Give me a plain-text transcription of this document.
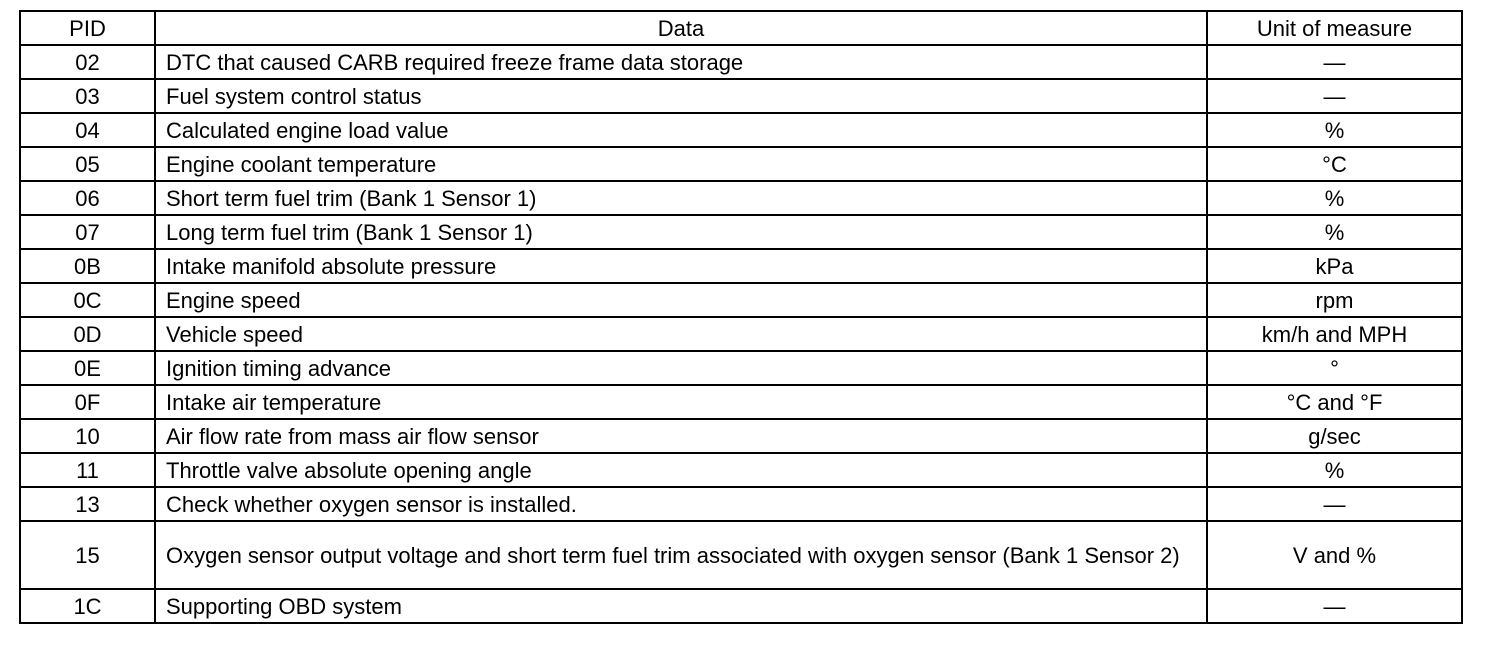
PID	Data	Unit of measure
02	DTC that caused CARB required freeze frame data storage	—
03	Fuel system control status	—
04	Calculated engine load value	%
05	Engine coolant temperature	°C
06	Short term fuel trim (Bank 1 Sensor 1)	%
07	Long term fuel trim (Bank 1 Sensor 1)	%
0B	Intake manifold absolute pressure	kPa
0C	Engine speed	rpm
0D	Vehicle speed	km/h and MPH
0E	Ignition timing advance	°
0F	Intake air temperature	°C and °F
10	Air flow rate from mass air flow sensor	g/sec
11	Throttle valve absolute opening angle	%
13	Check whether oxygen sensor is installed.	—
15	Oxygen sensor output voltage and short term fuel trim associated with oxygen sensor (Bank 1 Sensor 2)	V and %
1C	Supporting OBD system	—
